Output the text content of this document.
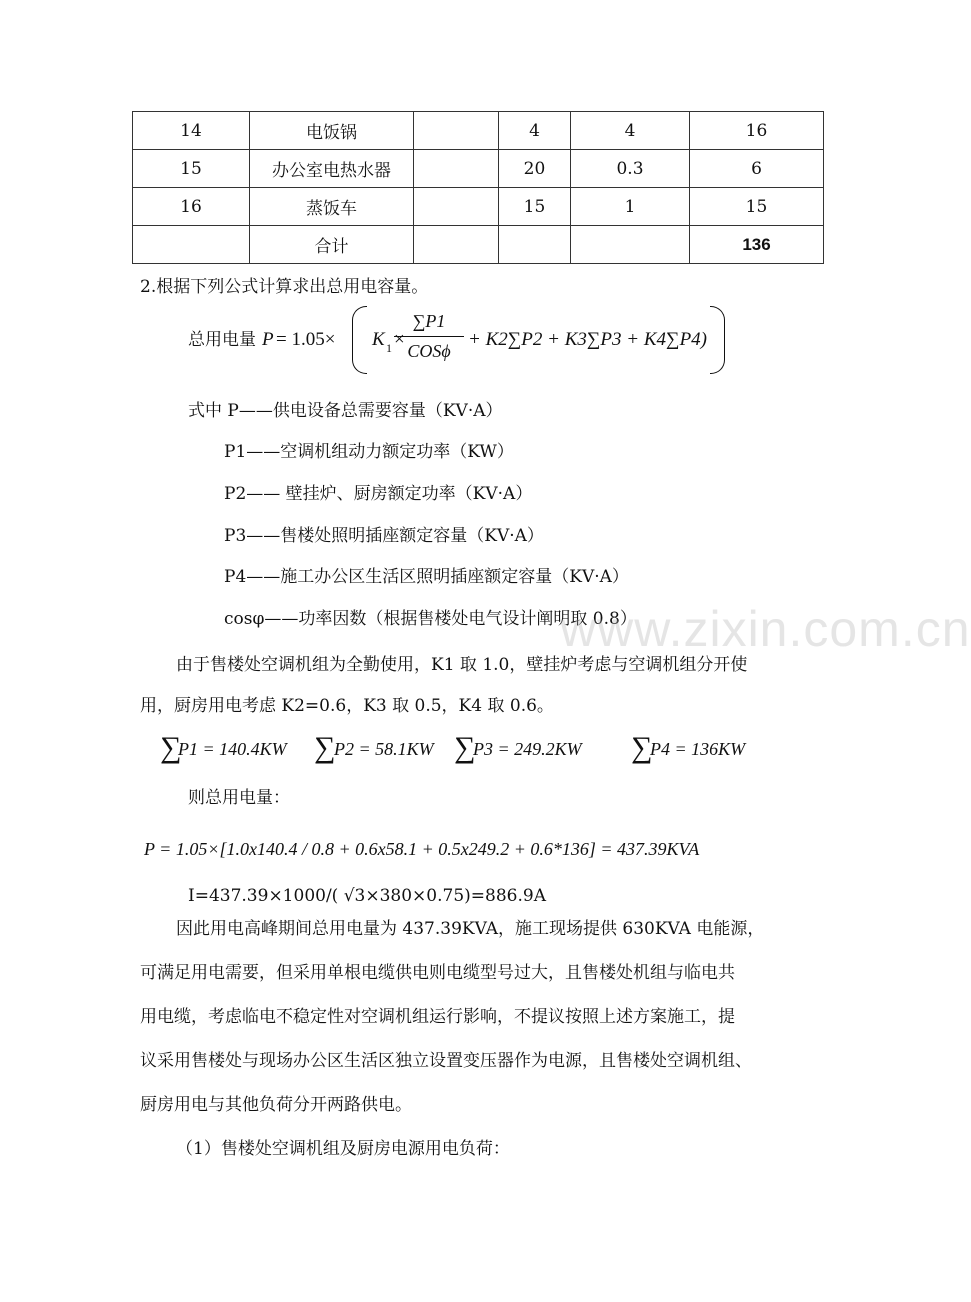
14	电饭锅		4	4	16
15	办公室电热水器		20	0.3	6
16	蒸饭车		15	1	15
	合计				136
2.根据下列公式计算求出总用电容量。
总用电量 P = 1.05× K 1 ×
∑P1
COSϕ
+ K2∑P2 + K3∑P3 + K4∑P4)
式中 P——供电设备总需要容量（KV·A）
P1——空调机组动力额定功率（KW）
P2—— 壁挂炉、厨房额定功率（KV·A）
P3——售楼处照明插座额定容量（KV·A）
P4——施工办公区生活区照明插座额定容量（KV·A）
cosφ——功率因数（根据售楼处电气设计阐明取 0.8）
由于售楼处空调机组为全勤使用，K1 取 1.0，壁挂炉考虑与空调机组分开使
用，厨房用电考虑 K2=0.6，K3 取 0.5，K4 取 0.6。
∑
P1 = 140.4KW ∑
P2 = 58.1KW ∑
P3 = 249.2KW ∑
P4 = 136KW
则总用电量：
P = 1.05×[1.0x140.4 / 0.8 + 0.6x58.1 + 0.5x249.2 + 0.6*136] = 437.39KVA
I=437.39×1000/( √3×380×0.75)=886.9A
因此用电高峰期间总用电量为 437.39KVA，施工现场提供 630KVA 电能源，
可满足用电需要，但采用单根电缆供电则电缆型号过大，且售楼处机组与临电共
用电缆，考虑临电不稳定性对空调机组运行影响，不提议按照上述方案施工，提
议采用售楼处与现场办公区生活区独立设置变压器作为电源，且售楼处空调机组、
厨房用电与其他负荷分开两路供电。
（1）售楼处空调机组及厨房电源用电负荷：
www.zixin.com.cn
